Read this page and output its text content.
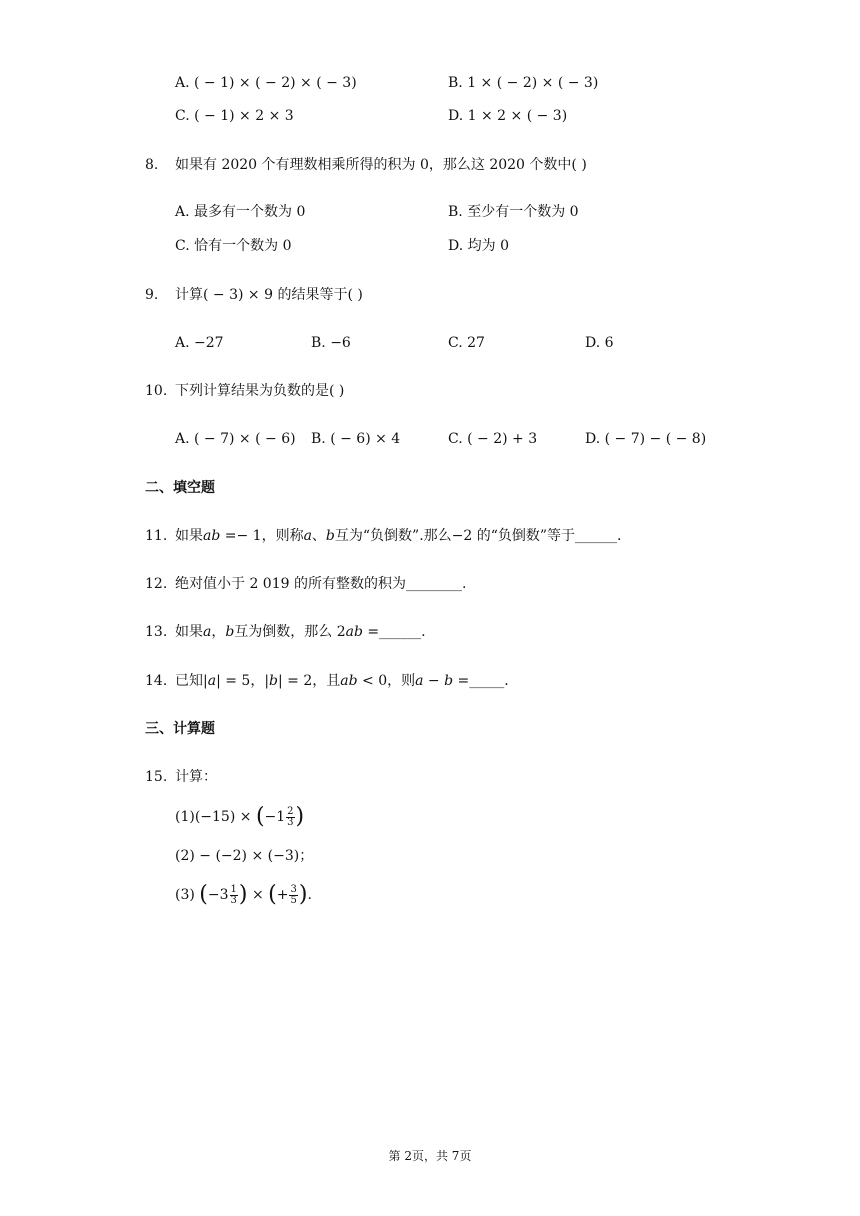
A. ( − 1) × ( − 2) × ( − 3)	B. 1 × ( − 2) × ( − 3)
C. ( − 1) × 2 × 3	D. 1 × 2 × ( − 3)
8. 如果有 2020 个有理数相乘所得的积为 0，那么这 2020 个数中( )
A. 最多有一个数为 0	B. 至少有一个数为 0
C. 恰有一个数为 0	D. 均为 0
9. 计算( − 3) × 9 的结果等于( )
A. −27	B. −6	C. 27	D. 6
10. 下列计算结果为负数的是( )
A. ( − 7) × ( − 6) B. ( − 6) × 4	C. ( − 2) + 3	D. ( − 7) − ( − 8)
二、填空题
11. 如果𝑎𝑏 =− 1，则称𝑎、𝑏互为“负倒数”.那么−2 的“负倒数”等于______.
12. 绝对值小于 2 019 的所有整数的积为________.
13. 如果𝑎，𝑏互为倒数，那么 2𝑎𝑏 =______.
14. 已知|𝑎| = 5，|𝑏| = 2，且𝑎𝑏 < 0，则𝑎 − 𝑏 =_____.
三、计算题
15. 计算：
$(1)(-15) \times (-1 \frac{2}{3}$ )
(2) − (−2) × (−3)；
(3) ($-3 \frac{1}{3}$ ) × (+ $\frac{3}{5}$ ).
第 2页，共 7页
